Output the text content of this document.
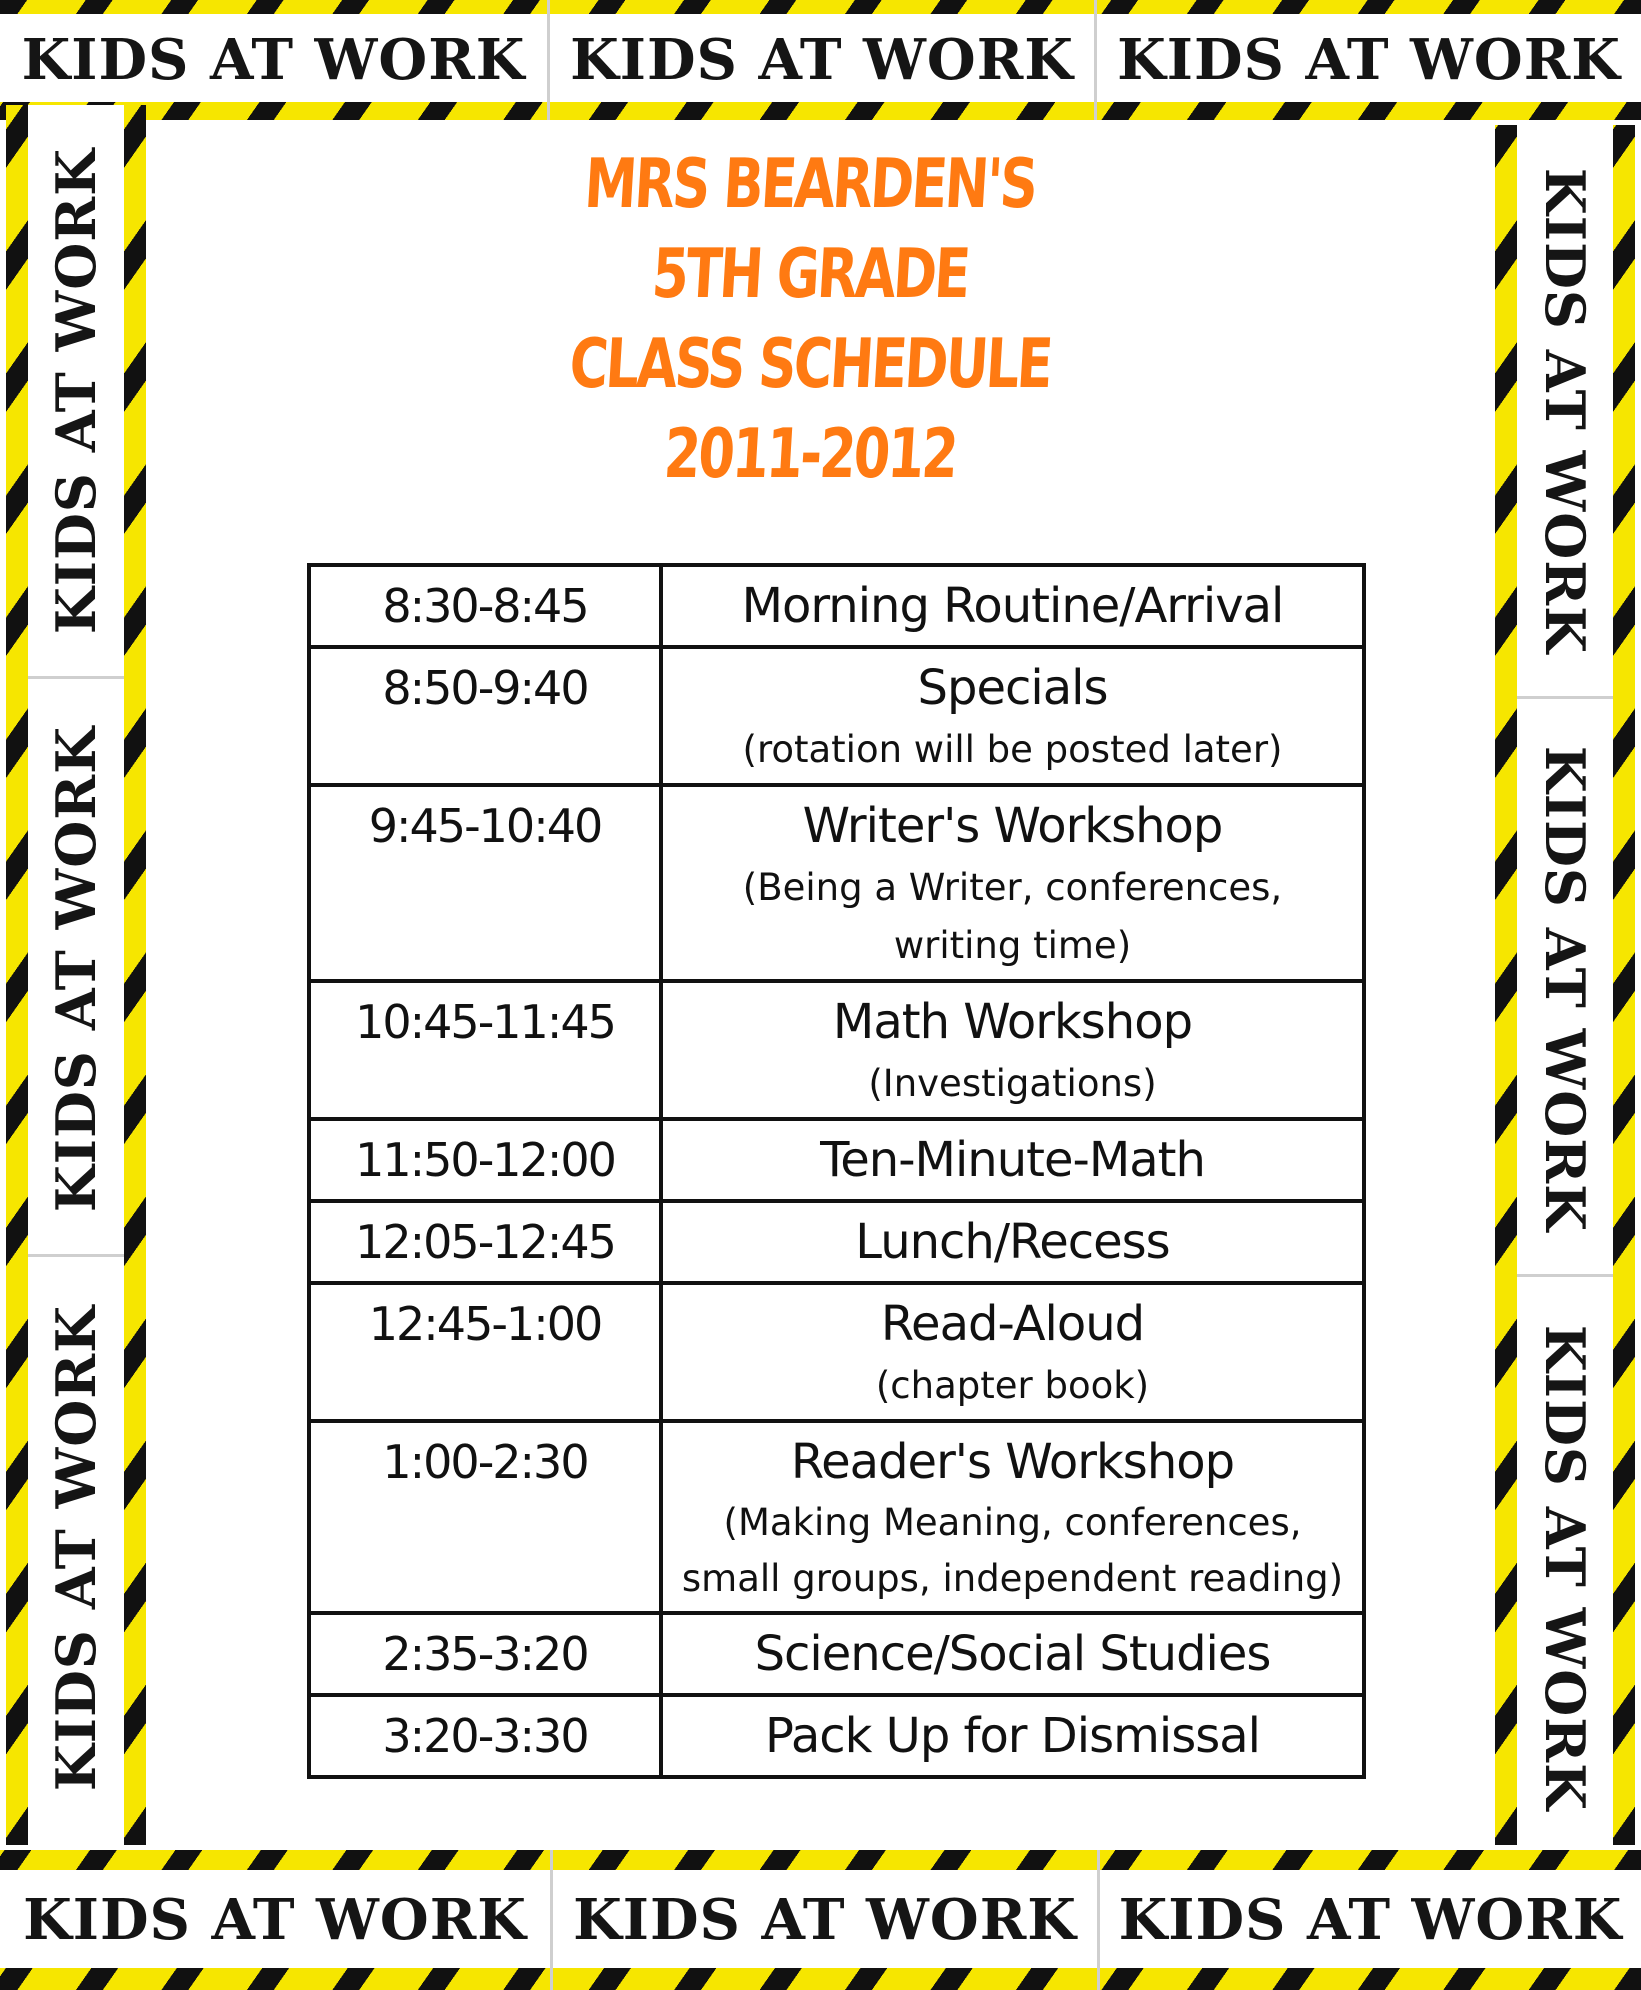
KIDS AT WORK KIDS AT WORK KIDS AT WORK
KIDS AT WORK
KIDS AT WORK
KIDS AT WORK
KIDS AT WORK
KIDS AT WORK
KIDS AT WORK
KIDS AT WORK KIDS AT WORK KIDS AT WORK
MRS BEARDEN'S
5TH GRADE
CLASS SCHEDULE
2011-2012
8:30-8:45	Morning Routine/Arrival

8:50-9:40	Specials
(rotation will be posted later)

9:45-10:40	Writer's Workshop
(Being a Writer, conferences, writing time)

10:45-11:45	Math Workshop
(Investigations)

11:50-12:00	Ten-Minute-Math

12:05-12:45	Lunch/Recess

12:45-1:00	Read-Aloud
(chapter book)

1:00-2:30	Reader's Workshop
(Making Meaning, conferences, small groups, independent reading)

2:35-3:20	Science/Social Studies

3:20-3:30	Pack Up for Dismissal
